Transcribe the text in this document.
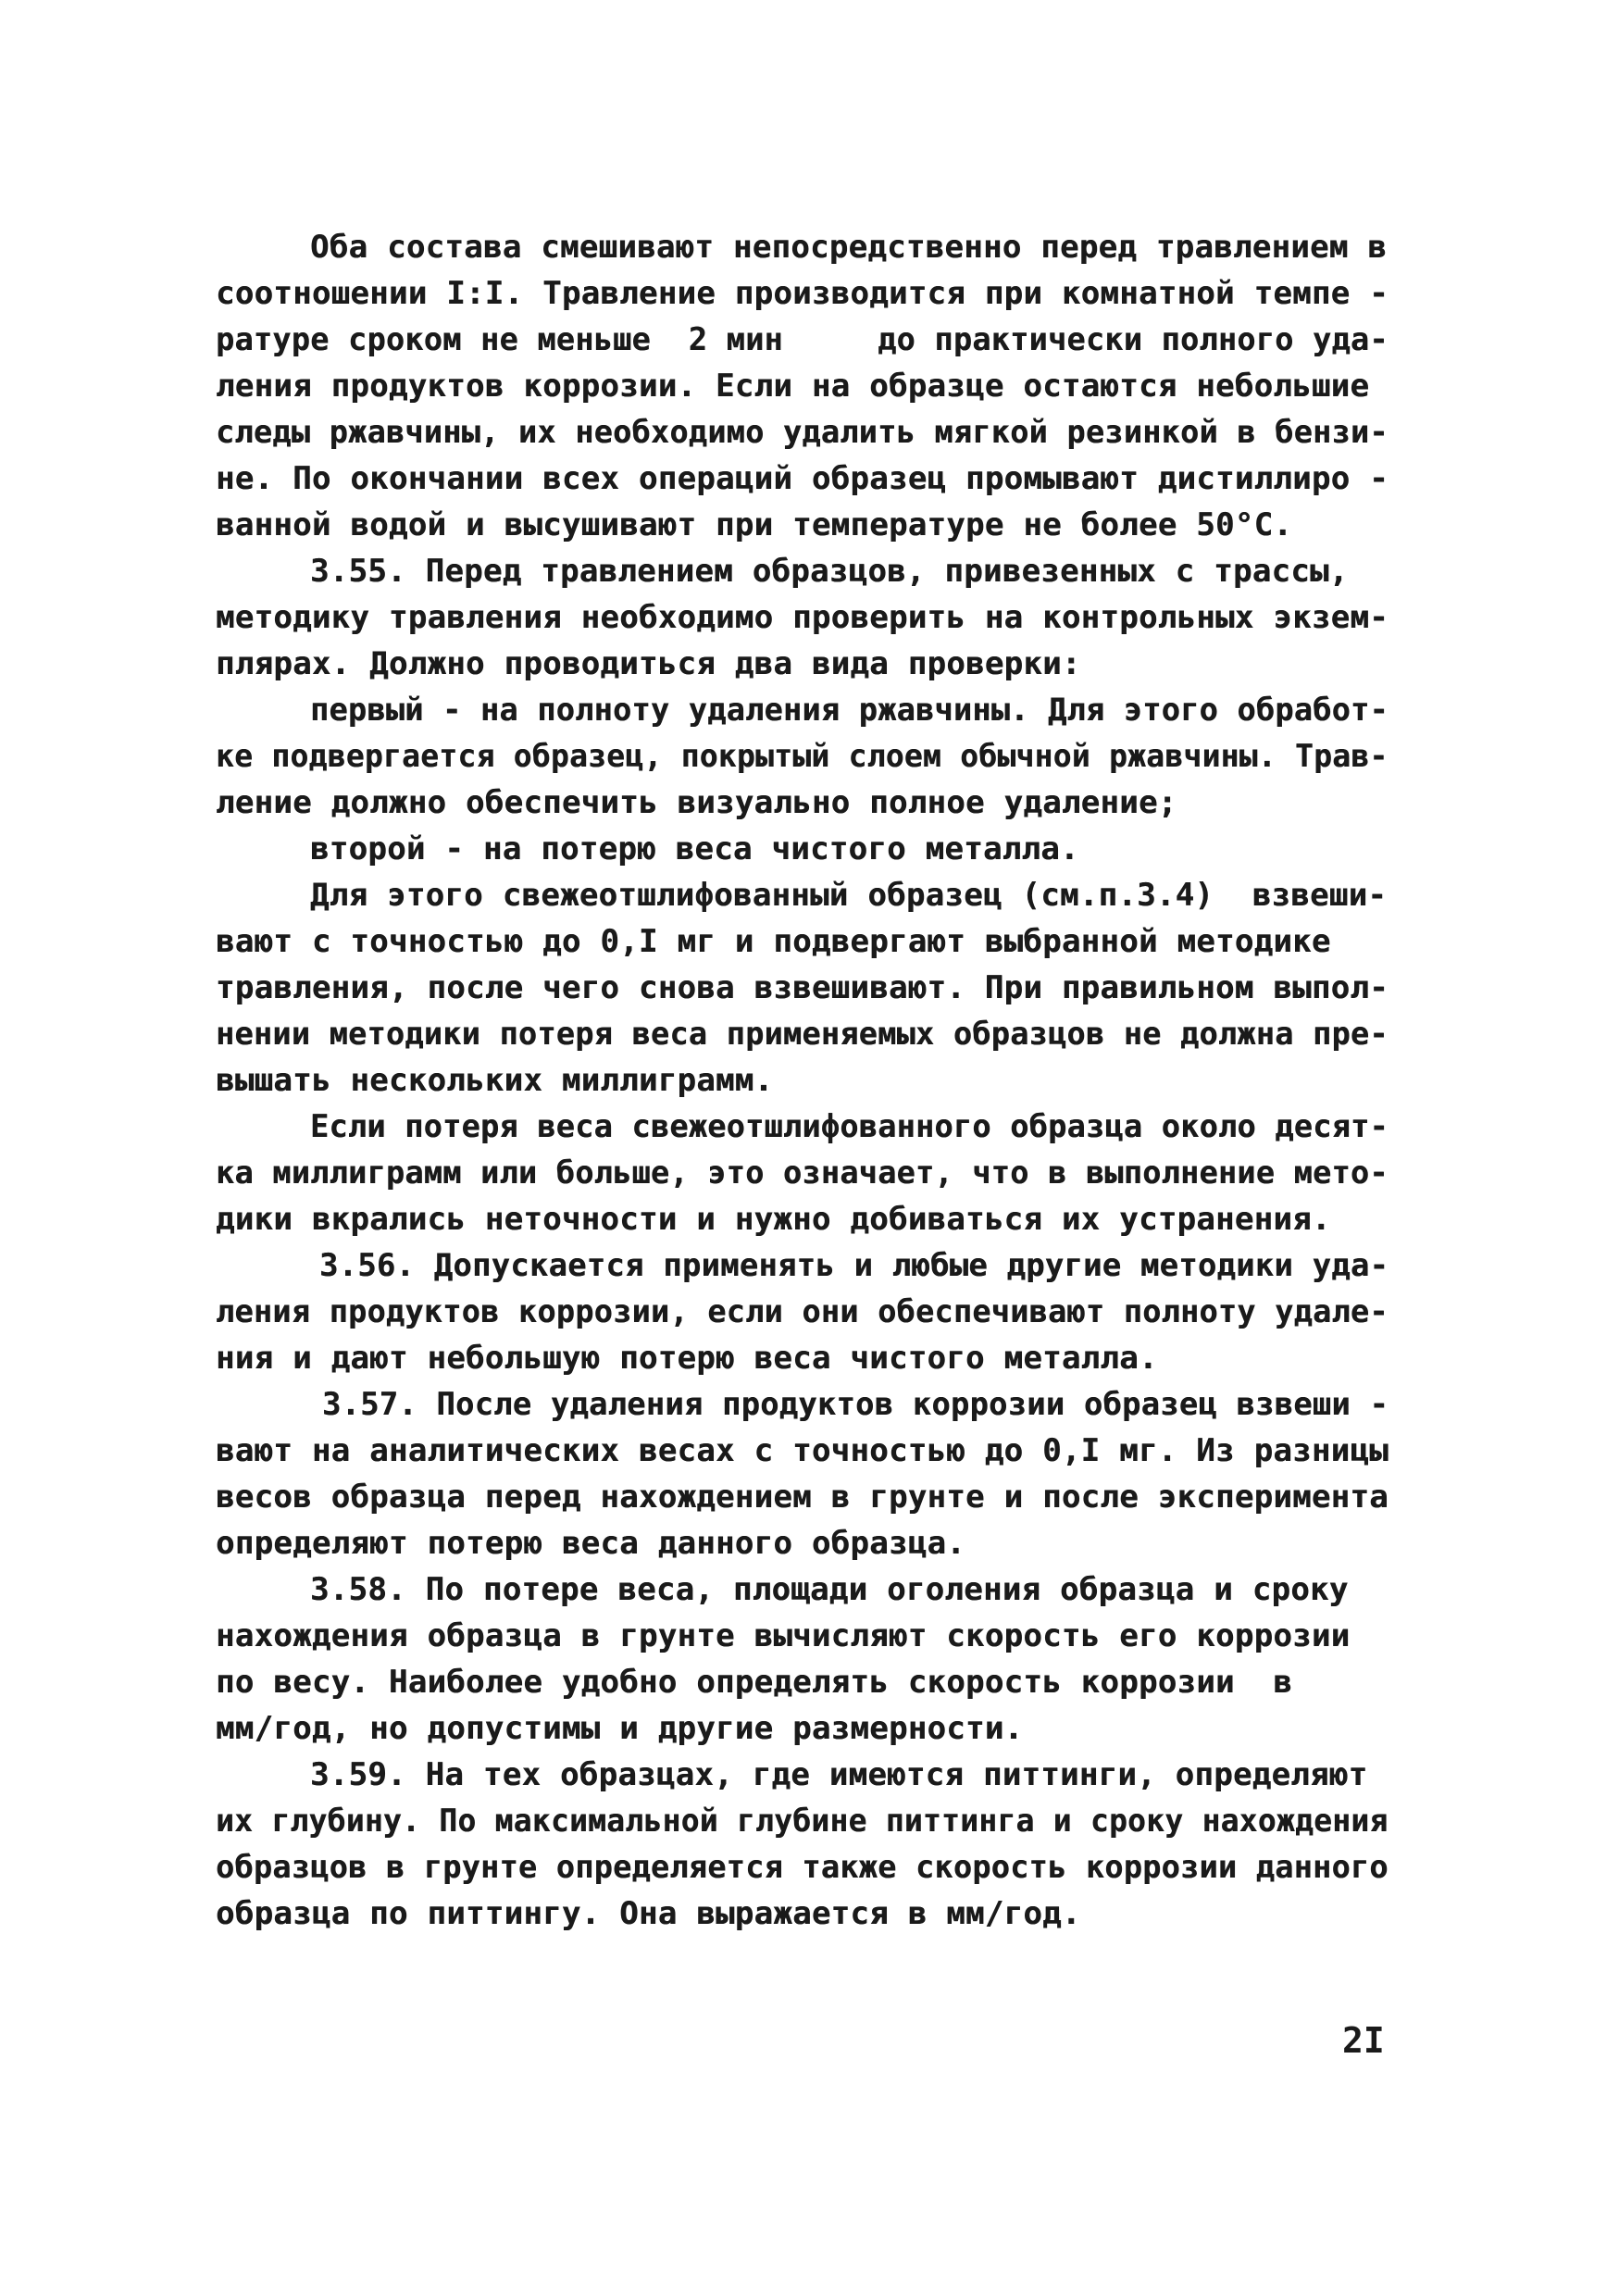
Оба состава смешивают непосредственно перед травлением в
соотношении I:I. Травление производится при комнатной темпе -
ратуре сроком не меньше  2 мин     до практически полного уда-
ления продуктов коррозии. Если на образце остаются небольшие
следы ржавчины, их необходимо удалить мягкой резинкой в бензи-
не. По окончании всех операций образец промывают дистиллиро -
ванной водой и высушивают при температуре не более 50°С.
3.55. Перед травлением образцов, привезенных с трассы,
методику травления необходимо проверить на контрольных экзем-
плярах. Должно проводиться два вида проверки:
первый - на полноту удаления ржавчины. Для этого обработ-
ке подвергается образец, покрытый слоем обычной ржавчины. Трав-
ление должно обеспечить визуально полное удаление;
второй - на потерю веса чистого металла.
Для этого свежеотшлифованный образец (см.п.3.4)  взвеши-
вают с точностью до 0,I мг и подвергают выбранной методике
травления, после чего снова взвешивают. При правильном выпол-
нении методики потеря веса применяемых образцов не должна пре-
вышать нескольких миллиграмм.
Если потеря веса свежеотшлифованного образца около десят-
ка миллиграмм или больше, это означает, что в выполнение мето-
дики вкрались неточности и нужно добиваться их устранения.
3.56. Допускается применять и любые другие методики уда-
ления продуктов коррозии, если они обеспечивают полноту удале-
ния и дают небольшую потерю веса чистого металла.
3.57. После удаления продуктов коррозии образец взвеши -
вают на аналитических весах с точностью до 0,I мг. Из разницы
весов образца перед нахождением в грунте и после эксперимента
определяют потерю веса данного образца.
3.58. По потере веса, площади оголения образца и сроку
нахождения образца в грунте вычисляют скорость его коррозии
по весу. Наиболее удобно определять скорость коррозии  в
мм/год, но допустимы и другие размерности.
3.59. На тех образцах, где имеются питтинги, определяют
их глубину. По максимальной глубине питтинга и сроку нахождения
образцов в грунте определяется также скорость коррозии данного
образца по питтингу. Она выражается в мм/год.
2I
